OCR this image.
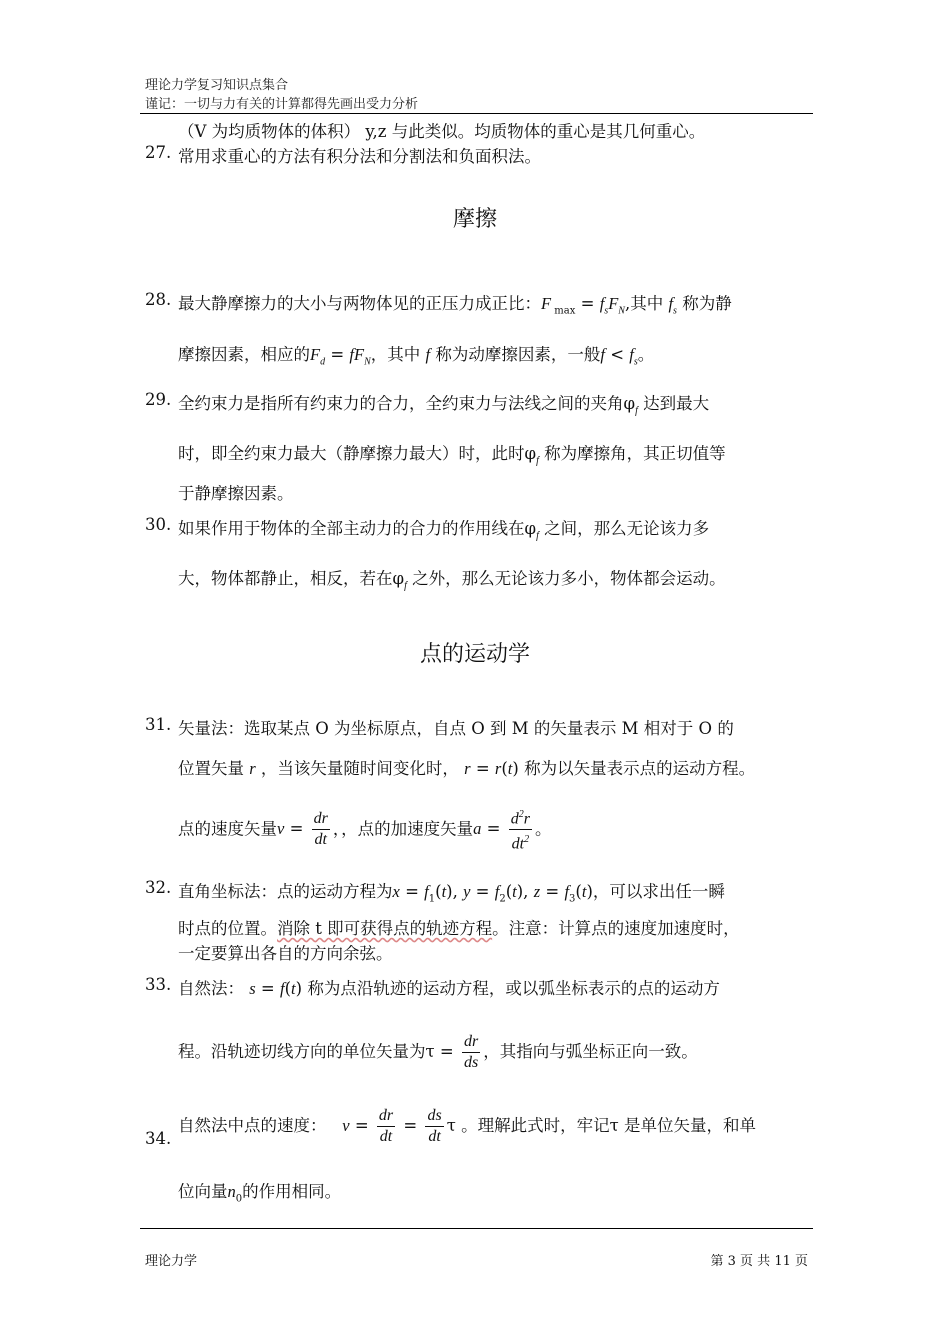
理论力学复习知识点集合
谨记：一切与力有关的计算都得先画出受力分析
（V 为均质物体的体积） y,z 与此类似。均质物体的重心是其几何重心。
27. 常用求重心的方法有积分法和分割法和负面积法。
摩擦
28. 最大静摩擦力的大小与两物体见的正压力成正比：F $_{max} = f_sF_N$,其中 $f_s$ 称为静
摩擦因素，相应的$F_d = fF_N$，其中 f 称为动摩擦因素，一般$f < f_s$。
29. 全约束力是指所有约束力的合力，全约束力与法线之间的夹角$\varphi_f$ 达到最大
时，即全约束力最大（静摩擦力最大）时，此时$\varphi_f$ 称为摩擦角，其正切值等
于静摩擦因素。
30. 如果作用于物体的全部主动力的合力的作用线在$\varphi_f$ 之间，那么无论该力多
大，物体都静止，相反，若在$\varphi_f$ 之外，那么无论该力多小，物体都会运动。
点的运动学
31. 矢量法：选取某点 O 为坐标原点，自点 O 到 M 的矢量表示 M 相对于 O 的
位置矢量 r ，当该矢量随时间变化时， r = r(t) 称为以矢量表示点的运动方程。
点的速度矢量$v = \frac{dr}{dt}$ ，，点的加速度矢量$a = \frac{d^2r}{dt^2}$ 。
32. 直角坐标法：点的运动方程为$x = f_1(t)$, $y = f_2(t)$, $z = f_3(t)$，可以求出任一瞬
时点的位置。消除 t 即可获得点的轨迹方程。注意：计算点的速度加速度时，
一定要算出各自的方向余弦。
33. 自然法： s = f(t) 称为点沿轨迹的运动方程，或以弧坐标表示的点的运动方
程。沿轨迹切线方向的单位矢量为$\tau = \frac{dr}{ds}$ ，其指向与弧坐标正向一致。
34.
自然法中点的速度： $v = \frac{dr}{dt} = \frac{ds}{dt}$ τ 。理解此式时，牢记τ 是单位矢量，和单
位向量$n_0$的作用相同。
理论力学	第 3 页 共 11 页
